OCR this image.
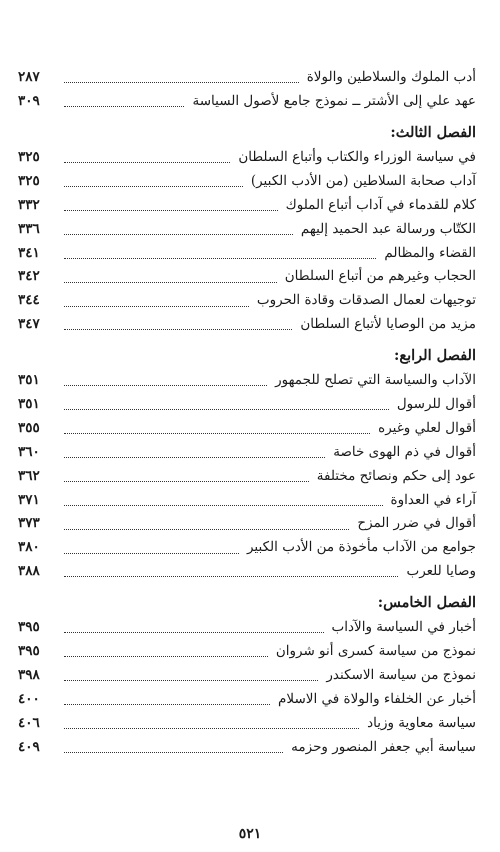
أدب الملوك والسلاطين والولاة
٢٨٧
عهد علي إلى الأشتر ــ نموذج جامع لأصول السياسة
٣٠٩
الفصل الثالث:
في سياسة الوزراء والكتاب وأتباع السلطان
٣٢٥
آداب صحابة السلاطين (من الأدب الكبير)
٣٢٥
كلام للقدماء في آداب أتباع الملوك
٣٣٢
الكتّاب ورسالة عبد الحميد إليهم
٣٣٦
القضاء والمظالم
٣٤١
الحجاب وغيرهم من أتباع السلطان
٣٤٢
توجيهات لعمال الصدقات وقادة الحروب
٣٤٤
مزيد من الوصايا لأتباع السلطان
٣٤٧
الفصل الرابع:
الآداب والسياسة التي تصلح للجمهور
٣٥١
أقوال للرسول
٣٥١
أقوال لعلي وغيره
٣٥٥
أقوال في ذم الهوى خاصة
٣٦٠
عود إلى حكم ونصائح مختلفة
٣٦٢
آراء في العداوة
٣٧١
أقوال في ضرر المزح
٣٧٣
جوامع من الآداب مأخوذة من الأدب الكبير
٣٨٠
وصايا للعرب
٣٨٨
الفصل الخامس:
أخبار في السياسة والآداب
٣٩٥
نموذج من سياسة كسرى أنو شروان
٣٩٥
نموذج من سياسة الاسكندر
٣٩٨
أخبار عن الخلفاء والولاة في الاسلام
٤٠٠
سياسة معاوية وزياد
٤٠٦
سياسة أبي جعفر المنصور وحزمه
٤٠٩
٥٢١
